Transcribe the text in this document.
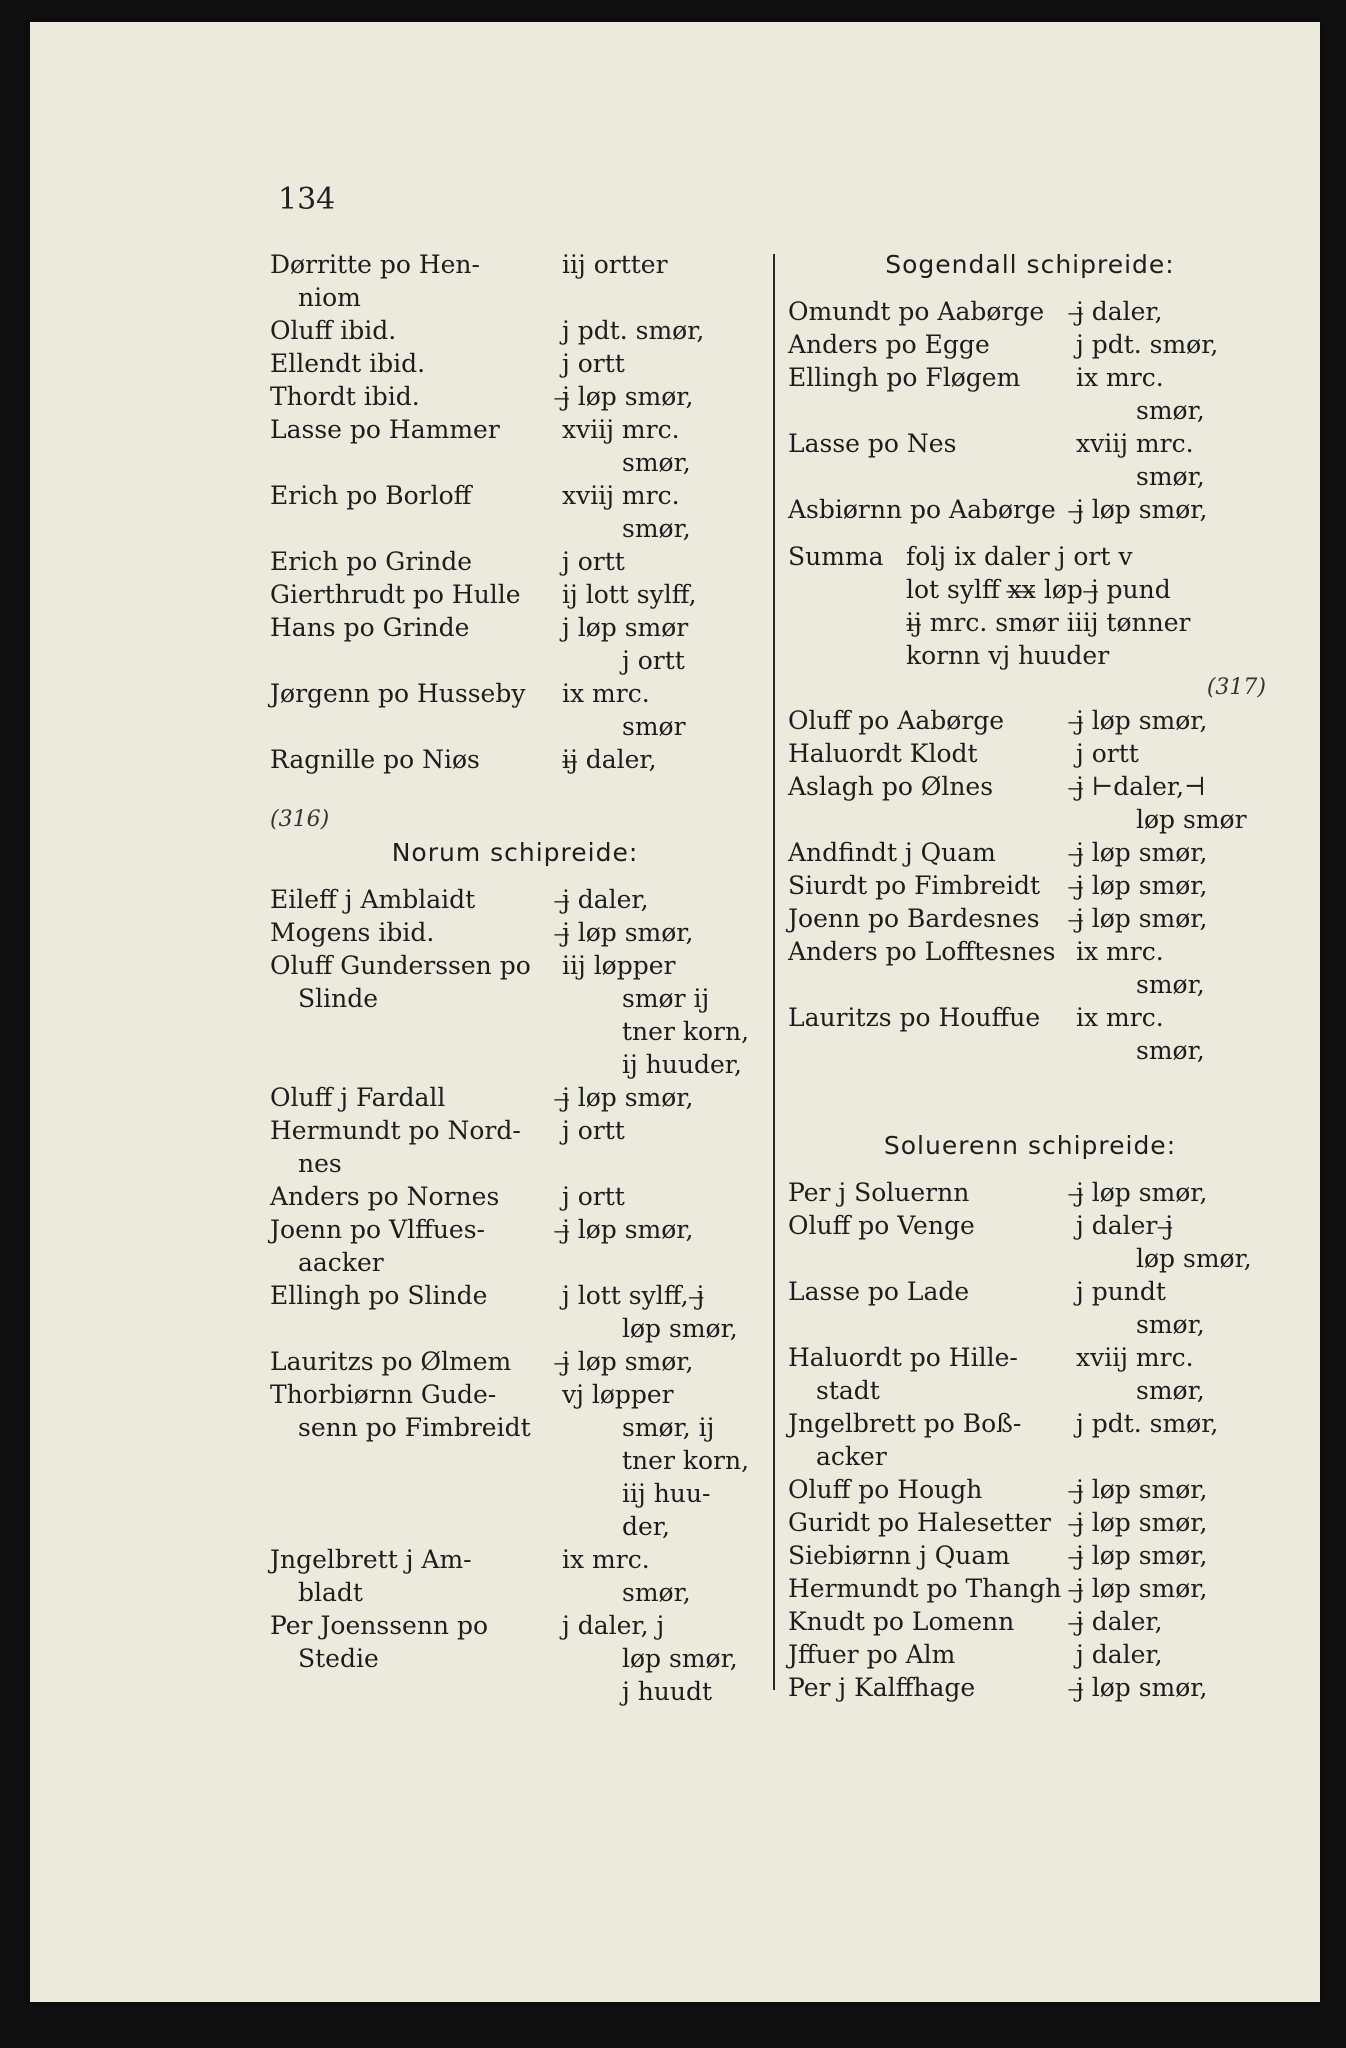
134
Dørritte po Hen-	iij ortter
niom
Oluff ibid.	j pdt. smør,
Ellendt ibid.	j ortt
Thordt ibid.	j̶ løp smør,
Lasse po Hammer	xviij mrc.
smør,
Erich po Borloff	xviij mrc.
smør,
Erich po Grinde	j ortt
Gierthrudt po Hulle	ij lott sylff,
Hans po Grinde	j løp smør
j ortt
Jørgenn po Husseby	ix mrc.
smør
Ragnille po Niøs	ij̶ daler,
(316)
Norum schipreide:
Eileff j Amblaidt	j̶ daler,
Mogens ibid.	j̶ løp smør,
Oluff Gunderssen po	iij løpper
Slinde	smør ij
tner korn,
ij huuder,
Oluff j Fardall	j̶ løp smør,
Hermundt po Nord-	j ortt
nes
Anders po Nornes	j ortt
Joenn po Vlffues-	j̶ løp smør,
aacker
Ellingh po Slinde	j lott sylff, j̶
løp smør,
Lauritzs po Ølmem	j̶ løp smør,
Thorbiørnn Gude-	vj løpper
senn po Fimbreidt	smør, ij
tner korn,
iij huu-
der,
Jngelbrett j Am-	ix mrc.
bladt	smør,
Per Joenssenn po	j daler, j
Stedie	løp smør,
j huudt
Sogendall schipreide:
Omundt po Aabørge	j̶ daler,
Anders po Egge	j pdt. smør,
Ellingh po Fløgem	ix mrc.
smør,
Lasse po Nes	xviij mrc.
smør,
Asbiørnn po Aabørge j̶ løp smør,
Summa folj ix daler j ort v
lot sylff x̶x̶ løp j̶ pund
ij̶ mrc. smør iiij tønner
kornn vj huuder
(317)
Oluff po Aabørge	j̶ løp smør,
Haluordt Klodt	j ortt
Aslagh po Ølnes	j̶ ⊢daler,⊣
løp smør
Andfindt j Quam	j̶ løp smør,
Siurdt po Fimbreidt	j̶ løp smør,
Joenn po Bardesnes	j̶ løp smør,
Anders po Lofftesnes ix mrc.
smør,
Lauritzs po Houffue	ix mrc.
smør,
Soluerenn schipreide:
Per j Soluernn	j̶ løp smør,
Oluff po Venge	j daler j̶
løp smør,
Lasse po Lade	j pundt
smør,
Haluordt po Hille-	xviij mrc.
stadt	smør,
Jngelbrett po Boß-	j pdt. smør,
acker
Oluff po Hough	j̶ løp smør,
Guridt po Halesetter	j̶ løp smør,
Siebiørnn j Quam	j̶ løp smør,
Hermundt po Thangh j̶ løp smør,
Knudt po Lomenn	j̶ daler,
Jffuer po Alm	j daler,
Per j Kalffhage	j̶ løp smør,
